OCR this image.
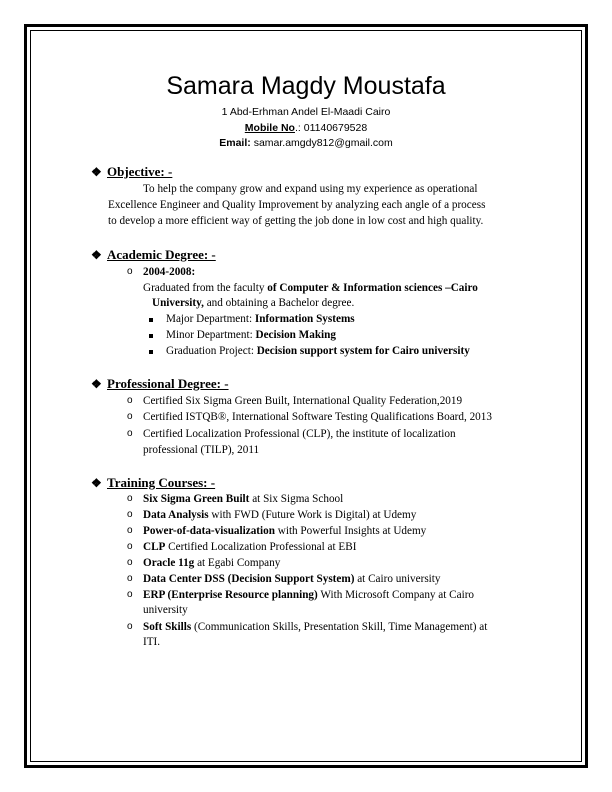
Samara Magdy Moustafa
1 Abd-Erhman Andel El-Maadi Cairo
Mobile No.: 01140679528
Email: samar.amgdy812@gmail.com
❖ Objective: -
To help the company grow and expand using my experience as operational
Excellence Engineer and Quality Improvement by analyzing each angle of a process
to develop a more efficient way of getting the job done in low cost and high quality.
❖ Academic Degree: -
o 2004-2008:
Graduated from the faculty of Computer & Information sciences –Cairo
University, and obtaining a Bachelor degree.
Major Department: Information Systems
Minor Department: Decision Making
Graduation Project: Decision support system for Cairo university
❖ Professional Degree: -
o Certified Six Sigma Green Built, International Quality Federation,2019
o Certified ISTQB®, International Software Testing Qualifications Board, 2013
o Certified Localization Professional (CLP), the institute of localization
professional (TILP), 2011
❖ Training Courses: -
o Six Sigma Green Built at Six Sigma School
o Data Analysis with FWD (Future Work is Digital) at Udemy
o Power-of-data-visualization with Powerful Insights at Udemy
o CLP Certified Localization Professional at EBI
o Oracle 11g at Egabi Company
o Data Center DSS (Decision Support System) at Cairo university
o ERP (Enterprise Resource planning) With Microsoft Company at Cairo
university
o Soft Skills (Communication Skills, Presentation Skill, Time Management) at
ITI.
